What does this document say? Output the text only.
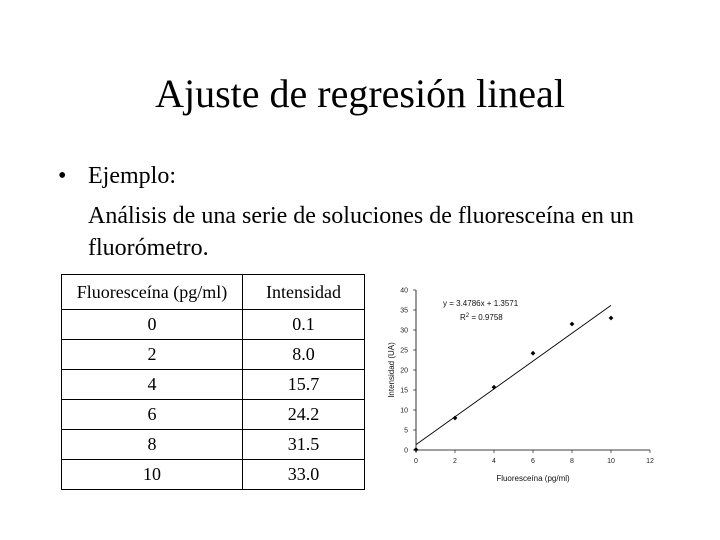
Ajuste de regresión lineal
• Ejemplo:
Análisis de una serie de soluciones de fluoresceína en un fluorómetro.
Fluoresceína (pg/ml)	Intensidad
0	0.1
2	8.0
4	15.7
6	24.2
8	31.5
10	33.0
0
5
10
15
20
25
30
35
40
0	2	4	6	8	10	12
y = 3.4786x + 1.3571
$R^2 = 0.9758$
Fluoresceína (pg/ml)
Intensidad (UA)
